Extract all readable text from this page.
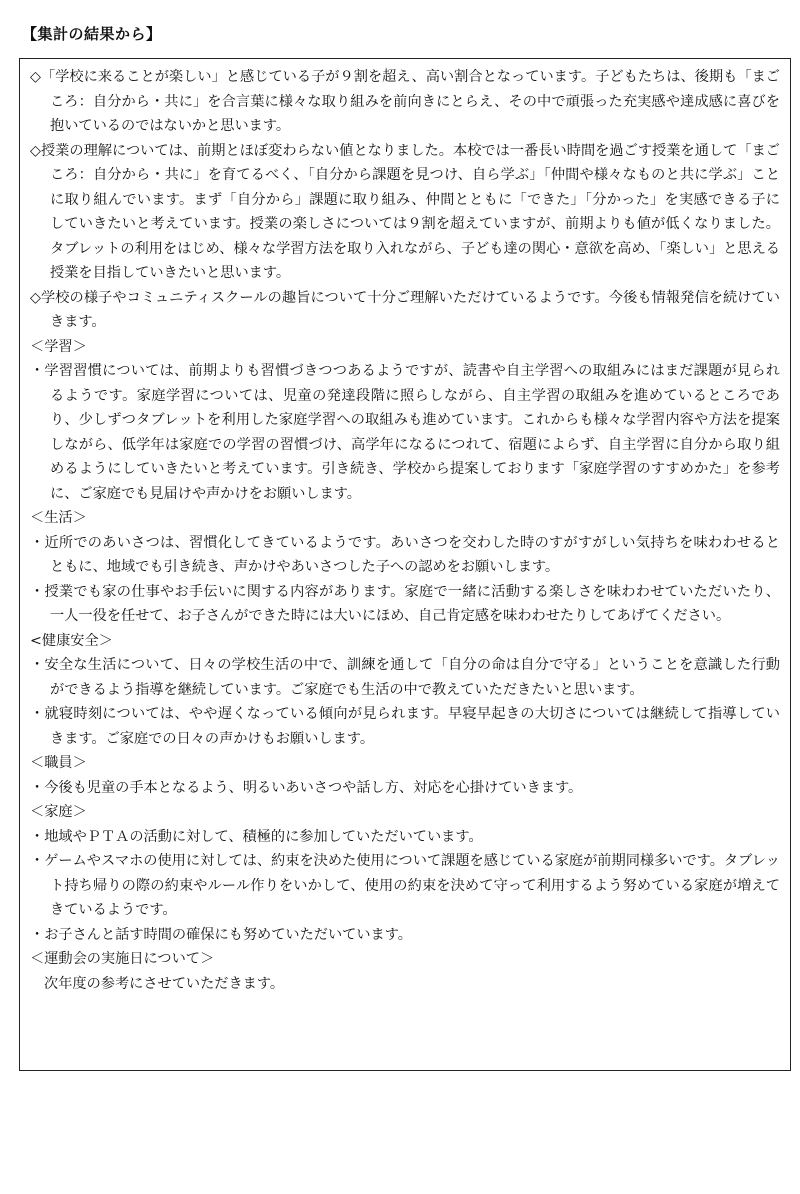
【集計の結果から】

◇「学校に来ることが楽しい」と感じている子が９割を超え、高い割合となっています。子どもたちは、後期も「まごころ：自分から・共に」を合言葉に様々な取り組みを前向きにとらえ、その中で頑張った充実感や達成感に喜びを抱いているのではないかと思います。

◇授業の理解については、前期とほぼ変わらない値となりました。本校では一番長い時間を過ごす授業を通して「まごころ：自分から・共に」を育てるべく、「自分から課題を見つけ、自ら学ぶ」「仲間や様々なものと共に学ぶ」ことに取り組んでいます。まず「自分から」課題に取り組み、仲間とともに「できた」「分かった」を実感できる子にしていきたいと考えています。授業の楽しさについては９割を超えていますが、前期よりも値が低くなりました。タブレットの利用をはじめ、様々な学習方法を取り入れながら、子ども達の関心・意欲を高め、「楽しい」と思える授業を目指していきたいと思います。

◇学校の様子やコミュニティスクールの趣旨について十分ご理解いただけているようです。今後も情報発信を続けていきます。

＜学習＞

・学習習慣については、前期よりも習慣づきつつあるようですが、読書や自主学習への取組みにはまだ課題が見られるようです。家庭学習については、児童の発達段階に照らしながら、自主学習の取組みを進めているところであり、少しずつタブレットを利用した家庭学習への取組みも進めています。これからも様々な学習内容や方法を提案しながら、低学年は家庭での学習の習慣づけ、高学年になるにつれて、宿題によらず、自主学習に自分から取り組めるようにしていきたいと考えています。引き続き、学校から提案しております「家庭学習のすすめかた」を参考に、ご家庭でも見届けや声かけをお願いします。

＜生活＞

・近所でのあいさつは、習慣化してきているようです。あいさつを交わした時のすがすがしい気持ちを味わわせるとともに、地域でも引き続き、声かけやあいさつした子への認めをお願いします。

・授業でも家の仕事やお手伝いに関する内容があります。家庭で一緒に活動する楽しさを味わわせていただいたり、一人一役を任せて、お子さんができた時には大いにほめ、自己肯定感を味わわせたりしてあげてください。

<健康安全＞

・安全な生活について、日々の学校生活の中で、訓練を通して「自分の命は自分で守る」ということを意識した行動ができるよう指導を継続しています。ご家庭でも生活の中で教えていただきたいと思います。

・就寝時刻については、やや遅くなっている傾向が見られます。早寝早起きの大切さについては継続して指導していきます。ご家庭での日々の声かけもお願いします。

＜職員＞

・今後も児童の手本となるよう、明るいあいさつや話し方、対応を心掛けていきます。

＜家庭＞

・地域やＰＴＡの活動に対して、積極的に参加していただいています。

・ゲームやスマホの使用に対しては、約束を決めた使用について課題を感じている家庭が前期同様多いです。タブレット持ち帰りの際の約束やルール作りをいかして、使用の約束を決めて守って利用するよう努めている家庭が増えてきているようです。

・お子さんと話す時間の確保にも努めていただいています。

＜運動会の実施日について＞

次年度の参考にさせていただきます。
